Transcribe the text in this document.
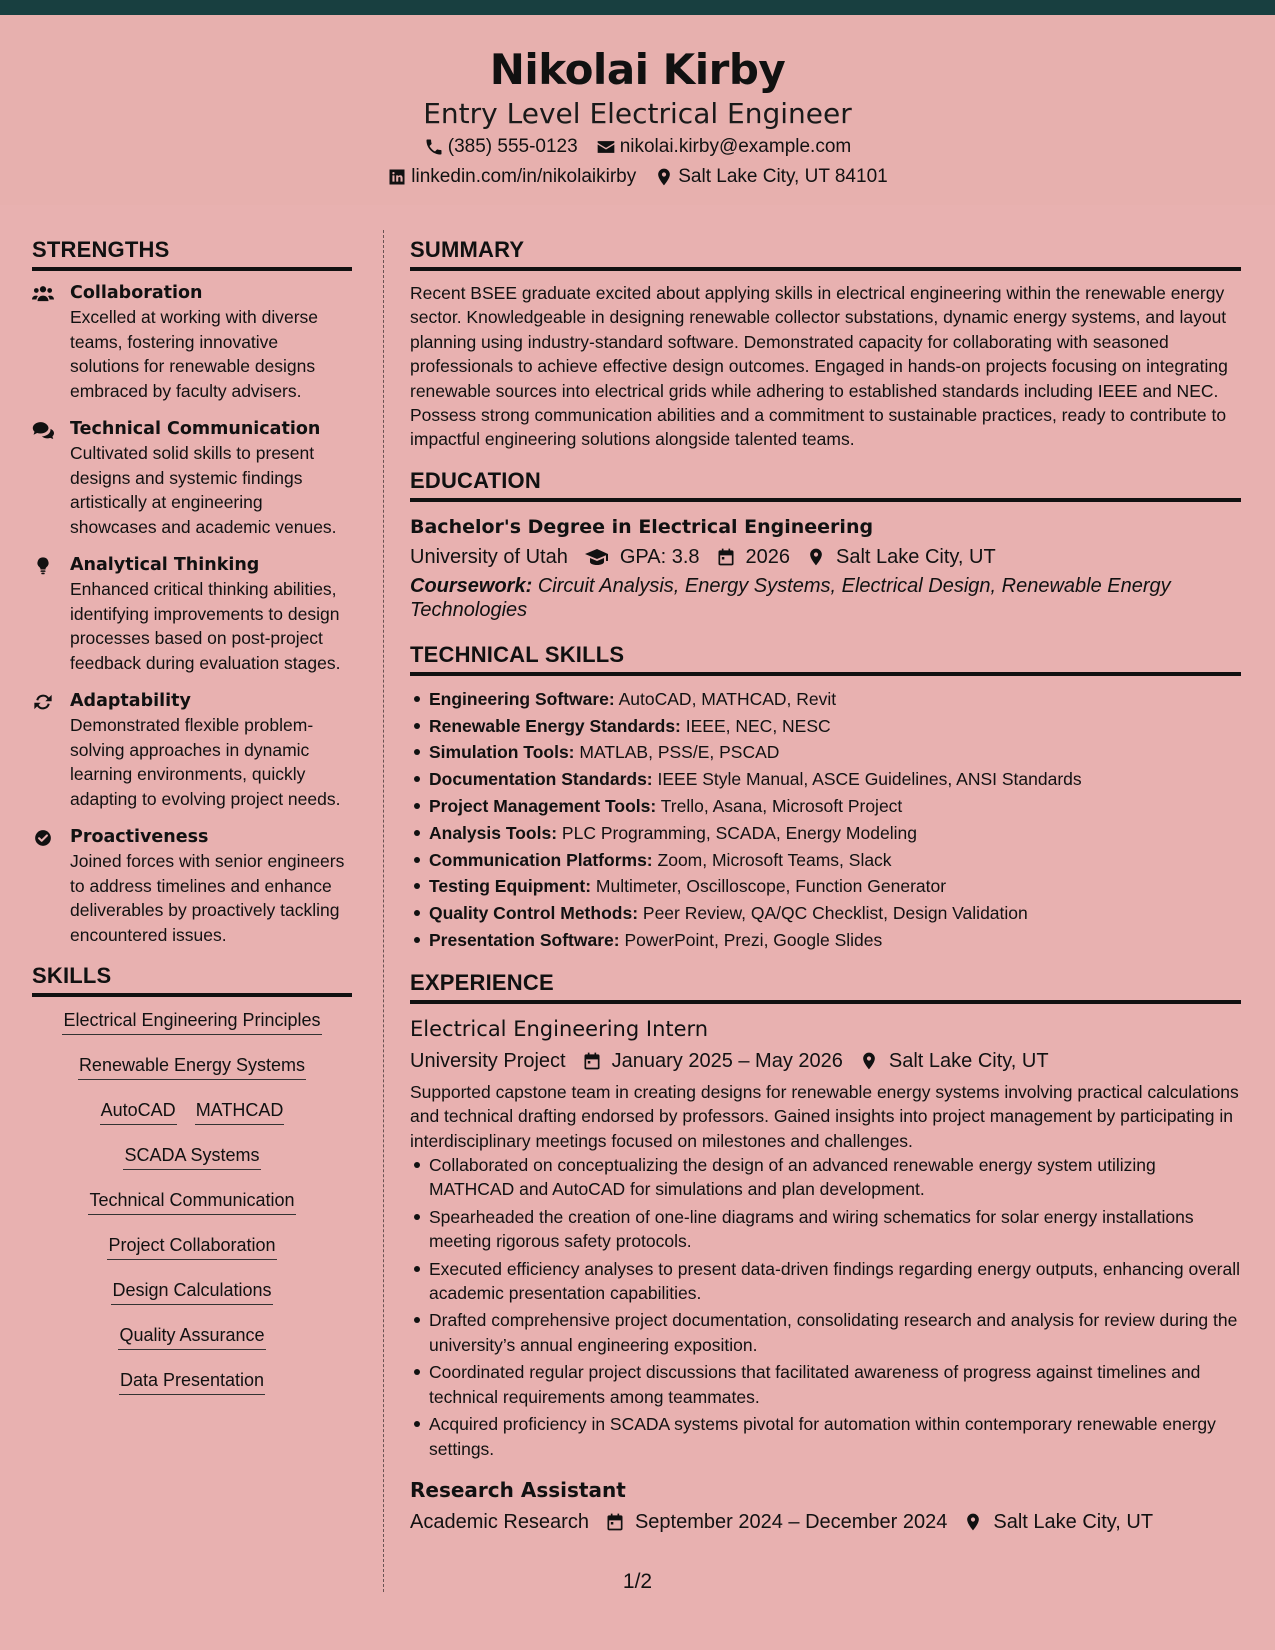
Nikolai Kirby
Entry Level Electrical Engineer
(385) 555-0123 nikolai.kirby@example.com
linkedin.com/in/nikolaikirby Salt Lake City, UT 84101
STRENGTHS
Collaboration
Excelled at working with diverse teams, fostering innovative solutions for renewable designs embraced by faculty advisers.
Technical Communication
Cultivated solid skills to present designs and systemic findings artistically at engineering showcases and academic venues.
Analytical Thinking
Enhanced critical thinking abilities, identifying improvements to design processes based on post-project feedback during evaluation stages.
Adaptability
Demonstrated flexible problem-solving approaches in dynamic learning environments, quickly adapting to evolving project needs.
Proactiveness
Joined forces with senior engineers to address timelines and enhance deliverables by proactively tackling encountered issues.
SKILLS
Electrical Engineering Principles
Renewable Energy Systems
AutoCAD MATHCAD
SCADA Systems
Technical Communication
Project Collaboration
Design Calculations
Quality Assurance
Data Presentation
SUMMARY

Recent BSEE graduate excited about applying skills in electrical engineering within the renewable energy sector. Knowledgeable in designing renewable collector substations, dynamic energy systems, and layout planning using industry-standard software. Demonstrated capacity for collaborating with seasoned professionals to achieve effective design outcomes. Engaged in hands-on projects focusing on integrating renewable sources into electrical grids while adhering to established standards including IEEE and NEC. Possess strong communication abilities and a commitment to sustainable practices, ready to contribute to impactful engineering solutions alongside talented teams.

EDUCATION
Bachelor's Degree in Electrical Engineering
University of Utah	GPA: 3.8 2026 Salt Lake City, UT

Coursework: Circuit Analysis, Energy Systems, Electrical Design, Renewable Energy Technologies

TECHNICAL SKILLS
Engineering Software: AutoCAD, MATHCAD, Revit
Renewable Energy Standards: IEEE, NEC, NESC
Simulation Tools: MATLAB, PSS/E, PSCAD
Documentation Standards: IEEE Style Manual, ASCE Guidelines, ANSI Standards
Project Management Tools: Trello, Asana, Microsoft Project
Analysis Tools: PLC Programming, SCADA, Energy Modeling
Communication Platforms: Zoom, Microsoft Teams, Slack
Testing Equipment: Multimeter, Oscilloscope, Function Generator
Quality Control Methods: Peer Review, QA/QC Checklist, Design Validation
Presentation Software: PowerPoint, Prezi, Google Slides
EXPERIENCE
Electrical Engineering Intern
University Project January 2025 – May 2026 Salt Lake City, UT

Supported capstone team in creating designs for renewable energy systems involving practical calculations and technical drafting endorsed by professors. Gained insights into project management by participating in interdisciplinary meetings focused on milestones and challenges.

Collaborated on conceptualizing the design of an advanced renewable energy system utilizing MATHCAD and AutoCAD for simulations and plan development.
Spearheaded the creation of one-line diagrams and wiring schematics for solar energy installations meeting rigorous safety protocols.
Executed efficiency analyses to present data-driven findings regarding energy outputs, enhancing overall academic presentation capabilities.
Drafted comprehensive project documentation, consolidating research and analysis for review during the university’s annual engineering exposition.
Coordinated regular project discussions that facilitated awareness of progress against timelines and technical requirements among teammates.
Acquired proficiency in SCADA systems pivotal for automation within contemporary renewable energy settings.
Research Assistant
Academic Research September 2024 – December 2024 Salt Lake City, UT
1/2
